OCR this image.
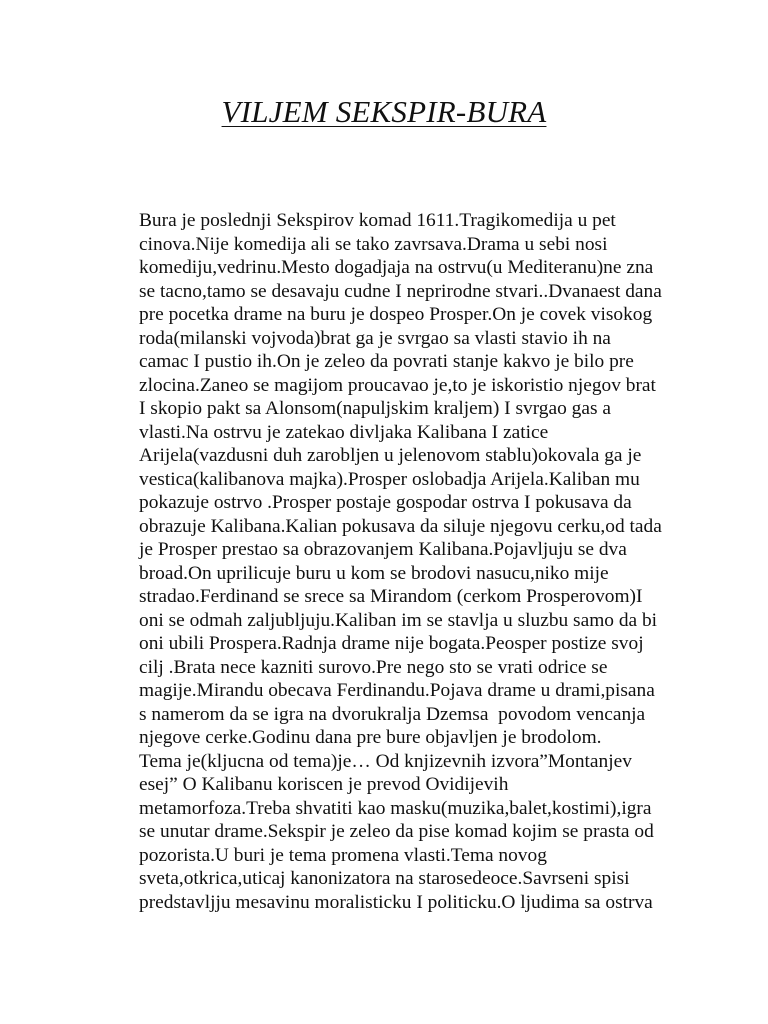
VILJEM SEKSPIR-BURA
Bura je poslednji Sekspirov komad 1611.Tragikomedija u pet
cinova.Nije komedija ali se tako zavrsava.Drama u sebi nosi
komediju,vedrinu.Mesto dogadjaja na ostrvu(u Mediteranu)ne zna
se tacno,tamo se desavaju cudne I neprirodne stvari..Dvanaest dana
pre pocetka drame na buru je dospeo Prosper.On je covek visokog
roda(milanski vojvoda)brat ga je svrgao sa vlasti stavio ih na
camac I pustio ih.On je zeleo da povrati stanje kakvo je bilo pre
zlocina.Zaneo se magijom proucavao je,to je iskoristio njegov brat
I skopio pakt sa Alonsom(napuljskim kraljem) I svrgao gas a
vlasti.Na ostrvu je zatekao divljaka Kalibana I zatice
Arijela(vazdusni duh zarobljen u jelenovom stablu)okovala ga je
vestica(kalibanova majka).Prosper oslobadja Arijela.Kaliban mu
pokazuje ostrvo .Prosper postaje gospodar ostrva I pokusava da
obrazuje Kalibana.Kalian pokusava da siluje njegovu cerku,od tada
je Prosper prestao sa obrazovanjem Kalibana.Pojavljuju se dva
broad.On uprilicuje buru u kom se brodovi nasucu,niko mije
stradao.Ferdinand se srece sa Mirandom (cerkom Prosperovom)I
oni se odmah zaljubljuju.Kaliban im se stavlja u sluzbu samo da bi
oni ubili Prospera.Radnja drame nije bogata.Peosper postize svoj
cilj .Brata nece kazniti surovo.Pre nego sto se vrati odrice se
magije.Mirandu obecava Ferdinandu.Pojava drame u drami,pisana
s namerom da se igra na dvorukralja Dzemsa  povodom vencanja
njegove cerke.Godinu dana pre bure objavljen je brodolom.
Tema je(kljucna od tema)je… Od knjizevnih izvora”Montanjev
esej” O Kalibanu koriscen je prevod Ovidijevih
metamorfoza.Treba shvatiti kao masku(muzika,balet,kostimi),igra
se unutar drame.Sekspir je zeleo da pise komad kojim se prasta od
pozorista.U buri je tema promena vlasti.Tema novog
sveta,otkrica,uticaj kanonizatora na starosedeoce.Savrseni spisi
predstavljju mesavinu moralisticku I politicku.O ljudima sa ostrva
